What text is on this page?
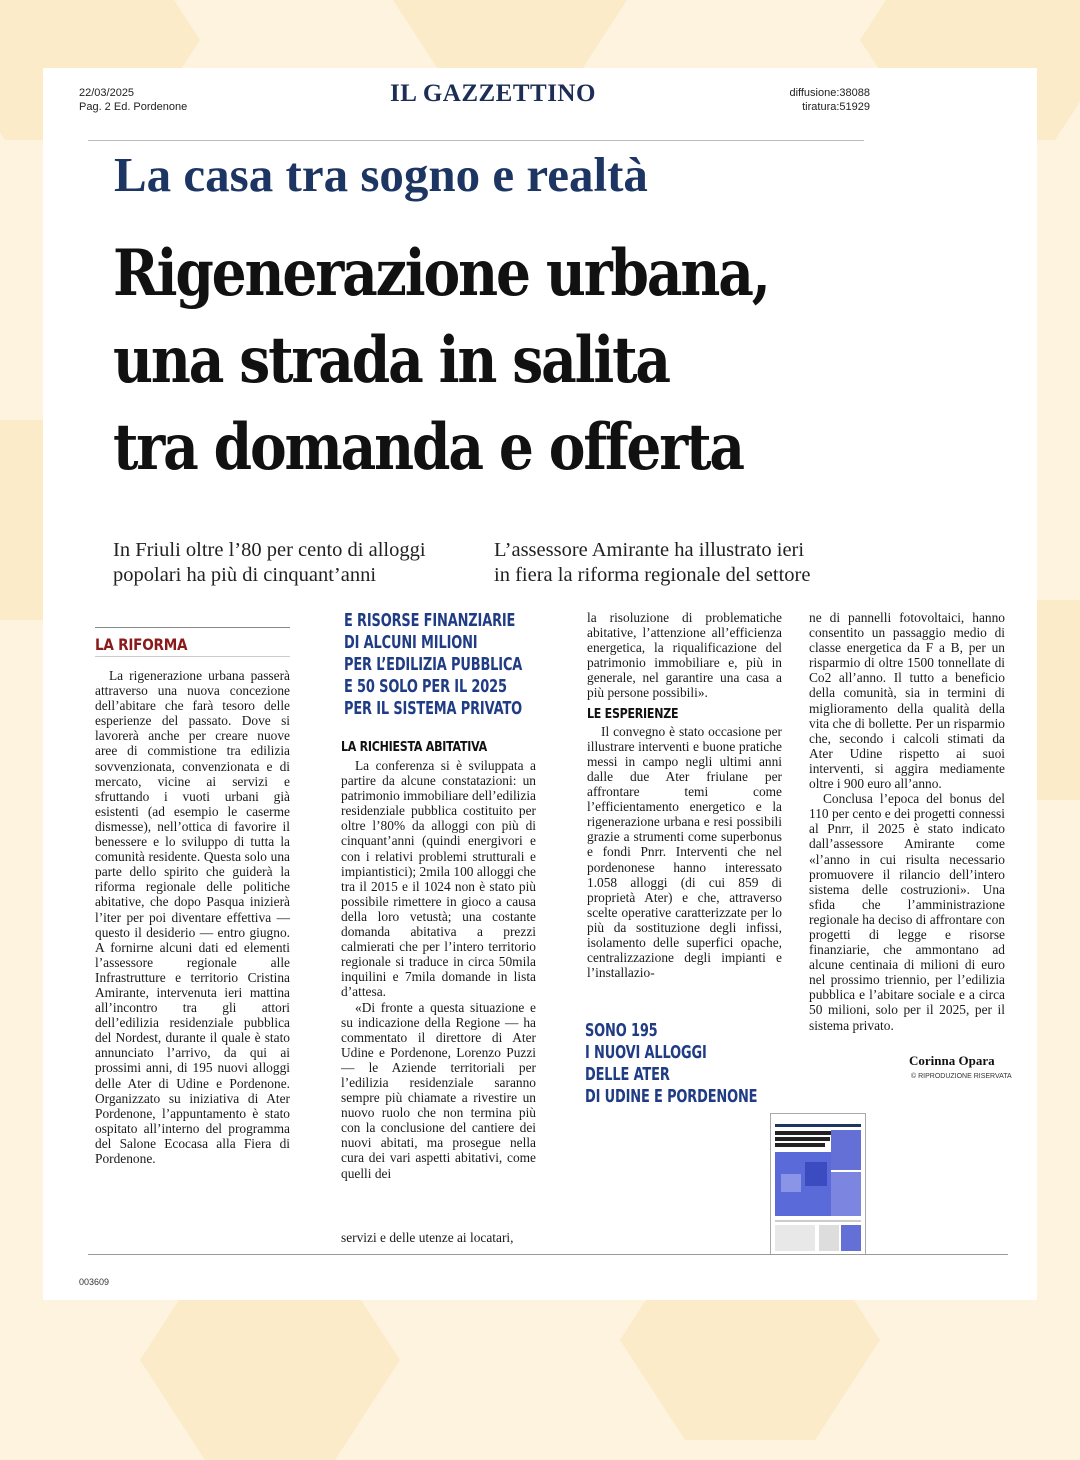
22/03/2025
Pag. 2 Ed. Pordenone	IL GAZZETTINO	diffusione:38088
tiratura:51929
La casa tra sogno e realtà
Rigenerazione urbana,
una strada in salita
tra domanda e offerta
In Friuli oltre l’80 per cento di alloggi
popolari ha più di cinquant’anni
L’assessore Amirante ha illustrato ieri
in fiera la riforma regionale del settore
LA RIFORMA

La rigenerazione urbana passerà attraverso una nuova concezione dell’abitare che farà tesoro delle esperienze del passato. Dove si lavorerà anche per creare nuove aree di commistione tra edilizia sovvenzionata, convenzionata e di mercato, vicine ai servizi e sfruttando i vuoti urbani già esistenti (ad esempio le caserme dismesse), nell’ottica di favorire il benessere e lo sviluppo di tutta la comunità residente. Questa solo una parte dello spirito che guiderà la riforma regionale delle politiche abitative, che dopo Pasqua inizierà l’iter per poi diventare effettiva — questo il desiderio — entro giugno. A fornirne alcuni dati ed elementi l’assessore regionale alle Infrastrutture e territorio Cristina Amirante, intervenuta ieri mattina all’incontro tra gli attori dell’edilizia residenziale pubblica del Nordest, durante il quale è stato annunciato l’arrivo, da qui ai prossimi anni, di 195 nuovi alloggi delle Ater di Udine e Pordenone. Organizzato su iniziativa di Ater Pordenone, l’appuntamento è stato ospitato all’interno del programma del Salone Ecocasa alla Fiera di Pordenone.

E RISORSE FINANZIARIE
DI ALCUNI MILIONI
PER L’EDILIZIA PUBBLICA
E 50 SOLO PER IL 2025
PER IL SISTEMA PRIVATO
LA RICHIESTA ABITATIVA

La conferenza si è sviluppata a partire da alcune constatazioni: un patrimonio immobiliare dell’edilizia residenziale pubblica costituito per oltre l’80% da alloggi con più di cinquant’anni (quindi energivori e con i relativi problemi strutturali e impiantistici); 2mila 100 alloggi che tra il 2015 e il 1024 non è stato più possibile rimettere in gioco a causa della loro vetustà; una costante domanda abitativa a prezzi calmierati che per l’intero territorio regionale si traduce in circa 50mila inquilini e 7mila domande in lista d’attesa.

«Di fronte a questa situazione e su indicazione della Regione — ha commentato il direttore di Ater Udine e Pordenone, Lorenzo Puzzi — le Aziende territoriali per l’edilizia residenziale saranno sempre più chiamate a rivestire un nuovo ruolo che non termina più con la conclusione del cantiere dei nuovi abitati, ma prosegue nella cura dei vari aspetti abitativi, come quelli dei

servizi e delle utenze ai locatari,

la risoluzione di problematiche abitative, l’attenzione all’efficienza energetica, la riqualificazione del patrimonio immobiliare e, più in generale, nel garantire una casa a più persone possibili».

LE ESPERIENZE

Il convegno è stato occasione per illustrare interventi e buone pratiche messi in campo negli ultimi anni dalle due Ater friulane per affrontare temi come l’efficientamento energetico e la rigenerazione urbana e resi possibili grazie a strumenti come superbonus e fondi Pnrr. Interventi che nel pordenonese hanno interessato 1.058 alloggi (di cui 859 di proprietà Ater) e che, attraverso scelte operative caratterizzate per lo più da sostituzione degli infissi, isolamento delle superfici opache, centralizzazione degli impianti e l’installazio-

SONO 195
I NUOVI ALLOGGI
DELLE ATER
DI UDINE E PORDENONE

ne di pannelli fotovoltaici, hanno consentito un passaggio medio di classe energetica da F a B, per un risparmio di oltre 1500 tonnellate di Co2 all’anno. Il tutto a beneficio della comunità, sia in termini di miglioramento della qualità della vita che di bollette. Per un risparmio che, secondo i calcoli stimati da Ater Udine rispetto ai suoi interventi, si aggira mediamente oltre i 900 euro all’anno.

Conclusa l’epoca del bonus del 110 per cento e dei progetti connessi al Pnrr, il 2025 è stato indicato dall’assessore Amirante come «l’anno in cui risulta necessario promuovere il rilancio dell’intero sistema delle costruzioni». Una sfida che l’amministrazione regionale ha deciso di affrontare con progetti di legge e risorse finanziarie, che ammontano ad alcune centinaia di milioni di euro nel prossimo triennio, per l’edilizia pubblica e l’abitare sociale e a circa 50 milioni, solo per il 2025, per il sistema privato.

Corinna Opara
© RIPRODUZIONE RISERVATA
003609
